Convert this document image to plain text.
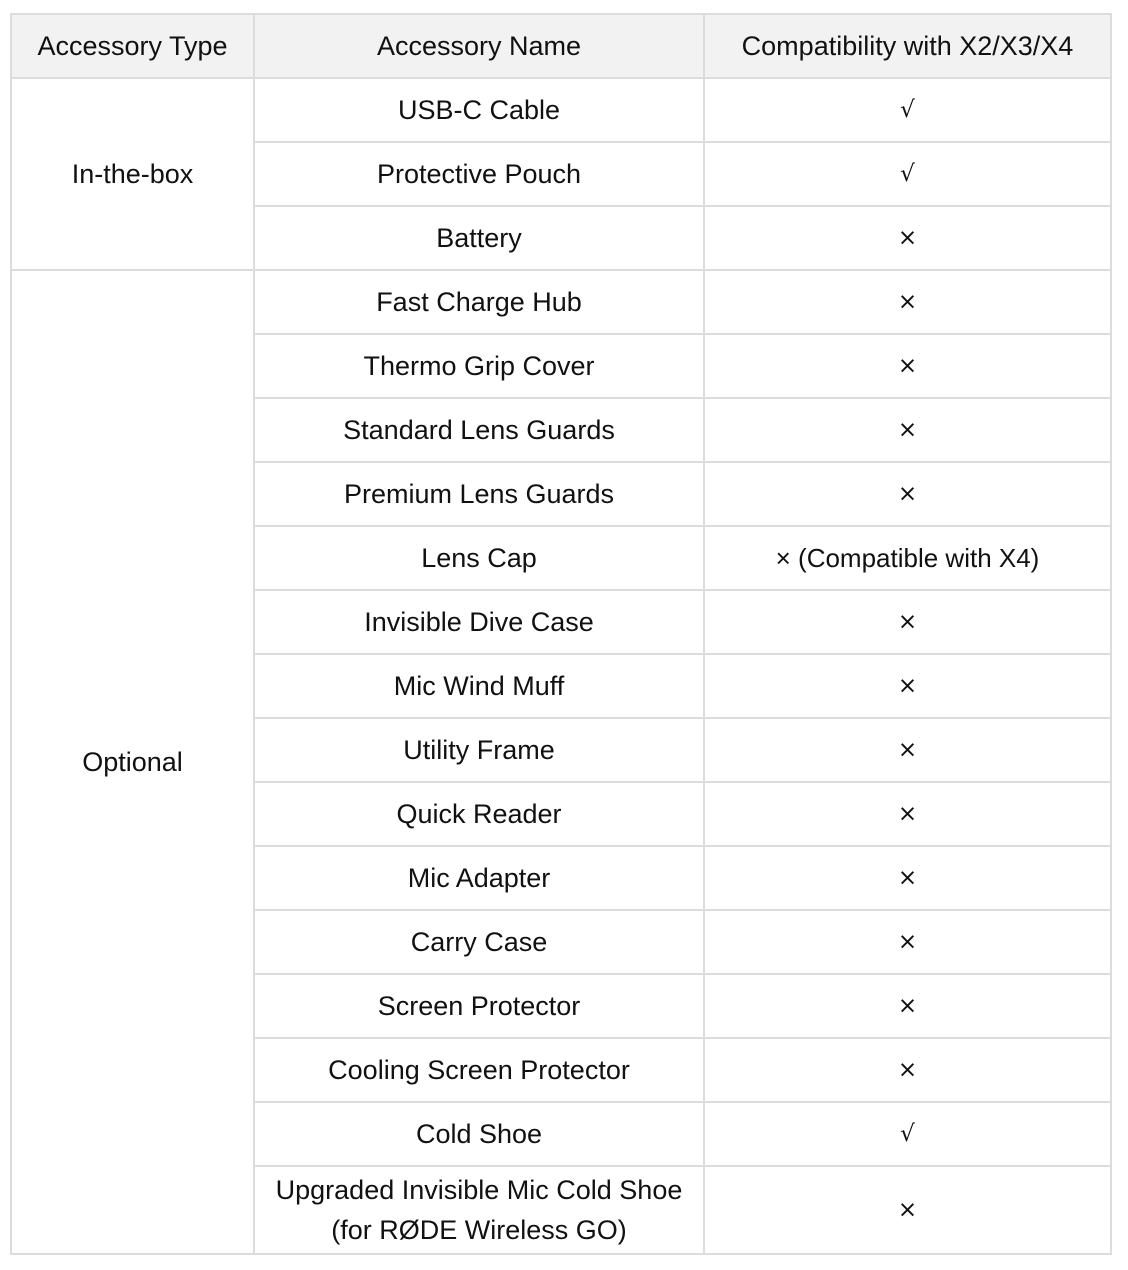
Accessory Type	Accessory Name	Compatibility with X2/X3/X4
In-the-box	USB-C Cable	√
	Protective Pouch	√
	Battery	×
Optional	Fast Charge Hub	×
	Thermo Grip Cover	×
	Standard Lens Guards	×
	Premium Lens Guards	×
	Lens Cap	× (Compatible with X4)
	Invisible Dive Case	×
	Mic Wind Muff	×
	Utility Frame	×
	Quick Reader	×
	Mic Adapter	×
	Carry Case	×
	Screen Protector	×
	Cooling Screen Protector	×
	Cold Shoe	√
	Upgraded Invisible Mic Cold Shoe (for RØDE Wireless GO)	×
